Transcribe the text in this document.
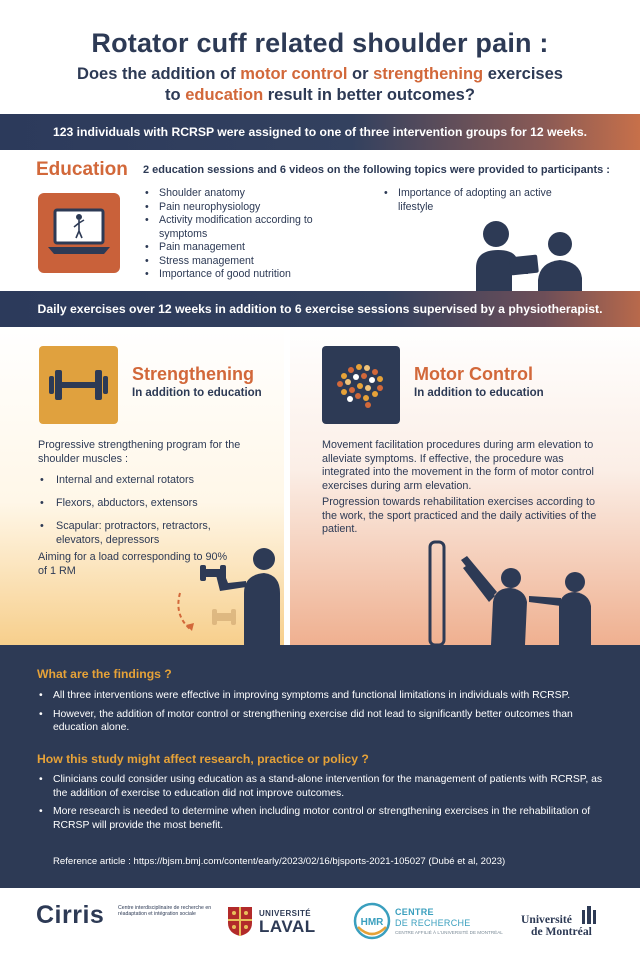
Rotator cuff related shoulder pain :
Does the addition of motor control or strengthening exercises
to education result in better outcomes?
123 individuals with RCRSP were assigned to one of three intervention groups for 12 weeks.
Education 2 education sessions and 6 videos on the following topics were provided to participants :
• Shoulder anatomy
• Pain neurophysiology
• Activity modification according to symptoms
• Pain management
• Stress management
• Importance of good nutrition
• Importance of adopting an active lifestyle
Daily exercises over 12 weeks in addition to 6 exercise sessions supervised by a physiotherapist.
Strengthening
In addition to education
Progressive strengthening program for the shoulder muscles :
• Internal and external rotators
• Flexors, abductors, extensors
• Scapular: protractors, retractors, elevators, depressors
Aiming for a load corresponding to 90% of 1 RM
Motor Control
In addition to education
Movement facilitation procedures during arm elevation to alleviate symptoms. If effective, the procedure was integrated into the movement in the form of motor control exercises during arm elevation.
Progression towards rehabilitation exercises according to the work, the sport practiced and the daily activities of the patient.
What are the findings ?
• All three interventions were effective in improving symptoms and functional limitations in individuals with RCRSP.
• However, the addition of motor control or strengthening exercise did not lead to significantly better outcomes than education alone.
How this study might affect research, practice or policy ?
• Clinicians could consider using education as a stand-alone intervention for the management of patients with RCRSP, as the addition of exercise to education did not improve outcomes.
• More research is needed to determine when including motor control or strengthening exercises in the rehabilitation of RCRSP will provide the most benefit.
Reference article : https://bjsm.bmj.com/content/early/2023/02/16/bjsports-2021-105027 (Dubé et al, 2023)
Cirris	Centre interdisciplinaire de recherche en réadaptation et intégration sociale	UNIVERSITÉ
LAVAL	HMR
CENTRE
DE RECHERCHE
CENTRE AFFILIÉ À L'UNIVERSITÉ DE MONTRÉAL
Université
de Montréal
